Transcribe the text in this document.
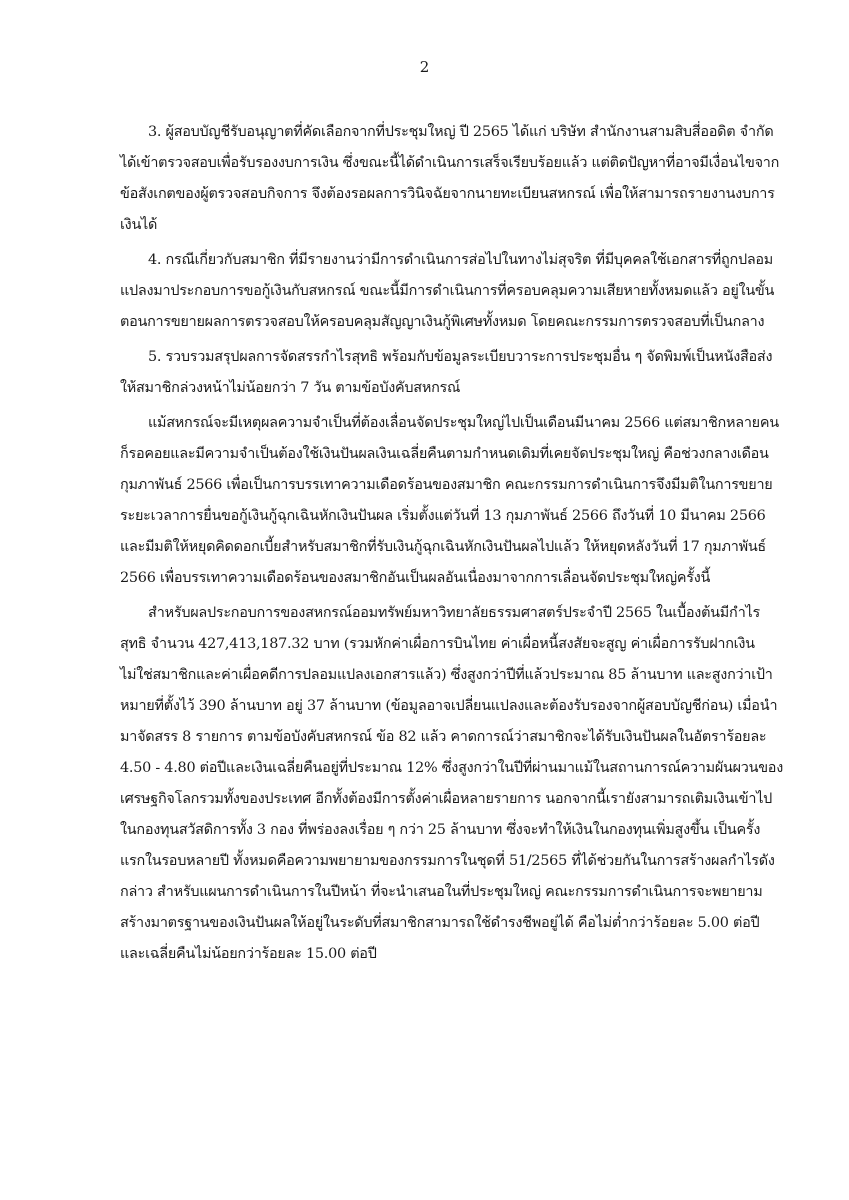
2

3. ผู้สอบบัญชีรับอนุญาตที่คัดเลือกจากที่ประชุมใหญ่ ปี 2565 ได้แก่ บริษัท สำนักงานสามสิบสี่ออดิต จำกัด ได้เข้าตรวจสอบเพื่อรับรองงบการเงิน ซึ่งขณะนี้ได้ดำเนินการเสร็จเรียบร้อยแล้ว แต่ติดปัญหาที่อาจมีเงื่อนไขจากข้อสังเกตของผู้ตรวจสอบกิจการ จึงต้องรอผลการวินิจฉัยจากนายทะเบียนสหกรณ์ เพื่อให้สามารถรายงานงบการเงินได้

4. กรณีเกี่ยวกับสมาชิก ที่มีรายงานว่ามีการดำเนินการส่อไปในทางไม่สุจริต ที่มีบุคคลใช้เอกสารที่ถูกปลอมแปลงมาประกอบการขอกู้เงินกับสหกรณ์ ขณะนี้มีการดำเนินการที่ครอบคลุมความเสียหายทั้งหมดแล้ว อยู่ในขั้นตอนการขยายผลการตรวจสอบให้ครอบคลุมสัญญาเงินกู้พิเศษทั้งหมด โดยคณะกรรมการตรวจสอบที่เป็นกลาง

5. รวบรวมสรุปผลการจัดสรรกำไรสุทธิ พร้อมกับข้อมูลระเบียบวาระการประชุมอื่น ๆ จัดพิมพ์เป็นหนังสือส่งให้สมาชิกล่วงหน้าไม่น้อยกว่า 7 วัน ตามข้อบังคับสหกรณ์

แม้สหกรณ์จะมีเหตุผลความจำเป็นที่ต้องเลื่อนจัดประชุมใหญ่ไปเป็นเดือนมีนาคม 2566 แต่สมาชิกหลายคนก็รอคอยและมีความจำเป็นต้องใช้เงินปันผลเงินเฉลี่ยคืนตามกำหนดเดิมที่เคยจัดประชุมใหญ่ คือช่วงกลางเดือนกุมภาพันธ์ 2566 เพื่อเป็นการบรรเทาความเดือดร้อนของสมาชิก คณะกรรมการดำเนินการจึงมีมติในการขยายระยะเวลาการยื่นขอกู้เงินกู้ฉุกเฉินหักเงินปันผล เริ่มตั้งแต่วันที่ 13 กุมภาพันธ์ 2566 ถึงวันที่ 10 มีนาคม 2566 และมีมติให้หยุดคิดดอกเบี้ยสำหรับสมาชิกที่รับเงินกู้ฉุกเฉินหักเงินปันผลไปแล้ว ให้หยุดหลังวันที่ 17 กุมภาพันธ์ 2566 เพื่อบรรเทาความเดือดร้อนของสมาชิกอันเป็นผลอันเนื่องมาจากการเลื่อนจัดประชุมใหญ่ครั้งนี้

สำหรับผลประกอบการของสหกรณ์ออมทรัพย์มหาวิทยาลัยธรรมศาสตร์ประจำปี 2565 ในเบื้องต้นมีกำไรสุทธิ จำนวน 427,413,187.32 บาท (รวมหักค่าเผื่อการบินไทย ค่าเผื่อหนี้สงสัยจะสูญ ค่าเผื่อการรับฝากเงินไม่ใช่สมาชิกและค่าเผื่อคดีการปลอมแปลงเอกสารแล้ว) ซึ่งสูงกว่าปีที่แล้วประมาณ 85 ล้านบาท และสูงกว่าเป้าหมายที่ตั้งไว้ 390 ล้านบาท อยู่ 37 ล้านบาท (ข้อมูลอาจเปลี่ยนแปลงและต้องรับรองจากผู้สอบบัญชีก่อน) เมื่อนำมาจัดสรร 8 รายการ ตามข้อบังคับสหกรณ์ ข้อ 82 แล้ว คาดการณ์ว่าสมาชิกจะได้รับเงินปันผลในอัตราร้อยละ 4.50 - 4.80 ต่อปีและเงินเฉลี่ยคืนอยู่ที่ประมาณ 12% ซึ่งสูงกว่าในปีที่ผ่านมาแม้ในสถานการณ์ความผันผวนของเศรษฐกิจโลกรวมทั้งของประเทศ อีกทั้งต้องมีการตั้งค่าเผื่อหลายรายการ นอกจากนี้เรายังสามารถเติมเงินเข้าไปในกองทุนสวัสดิการทั้ง 3 กอง ที่พร่องลงเรื่อย ๆ กว่า 25 ล้านบาท ซึ่งจะทำให้เงินในกองทุนเพิ่มสูงขึ้น เป็นครั้งแรกในรอบหลายปี ทั้งหมดคือความพยายามของกรรมการในชุดที่ 51/2565 ที่ได้ช่วยกันในการสร้างผลกำไรดังกล่าว สำหรับแผนการดำเนินการในปีหน้า ที่จะนำเสนอในที่ประชุมใหญ่ คณะกรรมการดำเนินการจะพยายามสร้างมาตรฐานของเงินปันผลให้อยู่ในระดับที่สมาชิกสามารถใช้ดำรงชีพอยู่ได้ คือไม่ต่ำกว่าร้อยละ 5.00 ต่อปี และเฉลี่ยคืนไม่น้อยกว่าร้อยละ 15.00 ต่อปี
